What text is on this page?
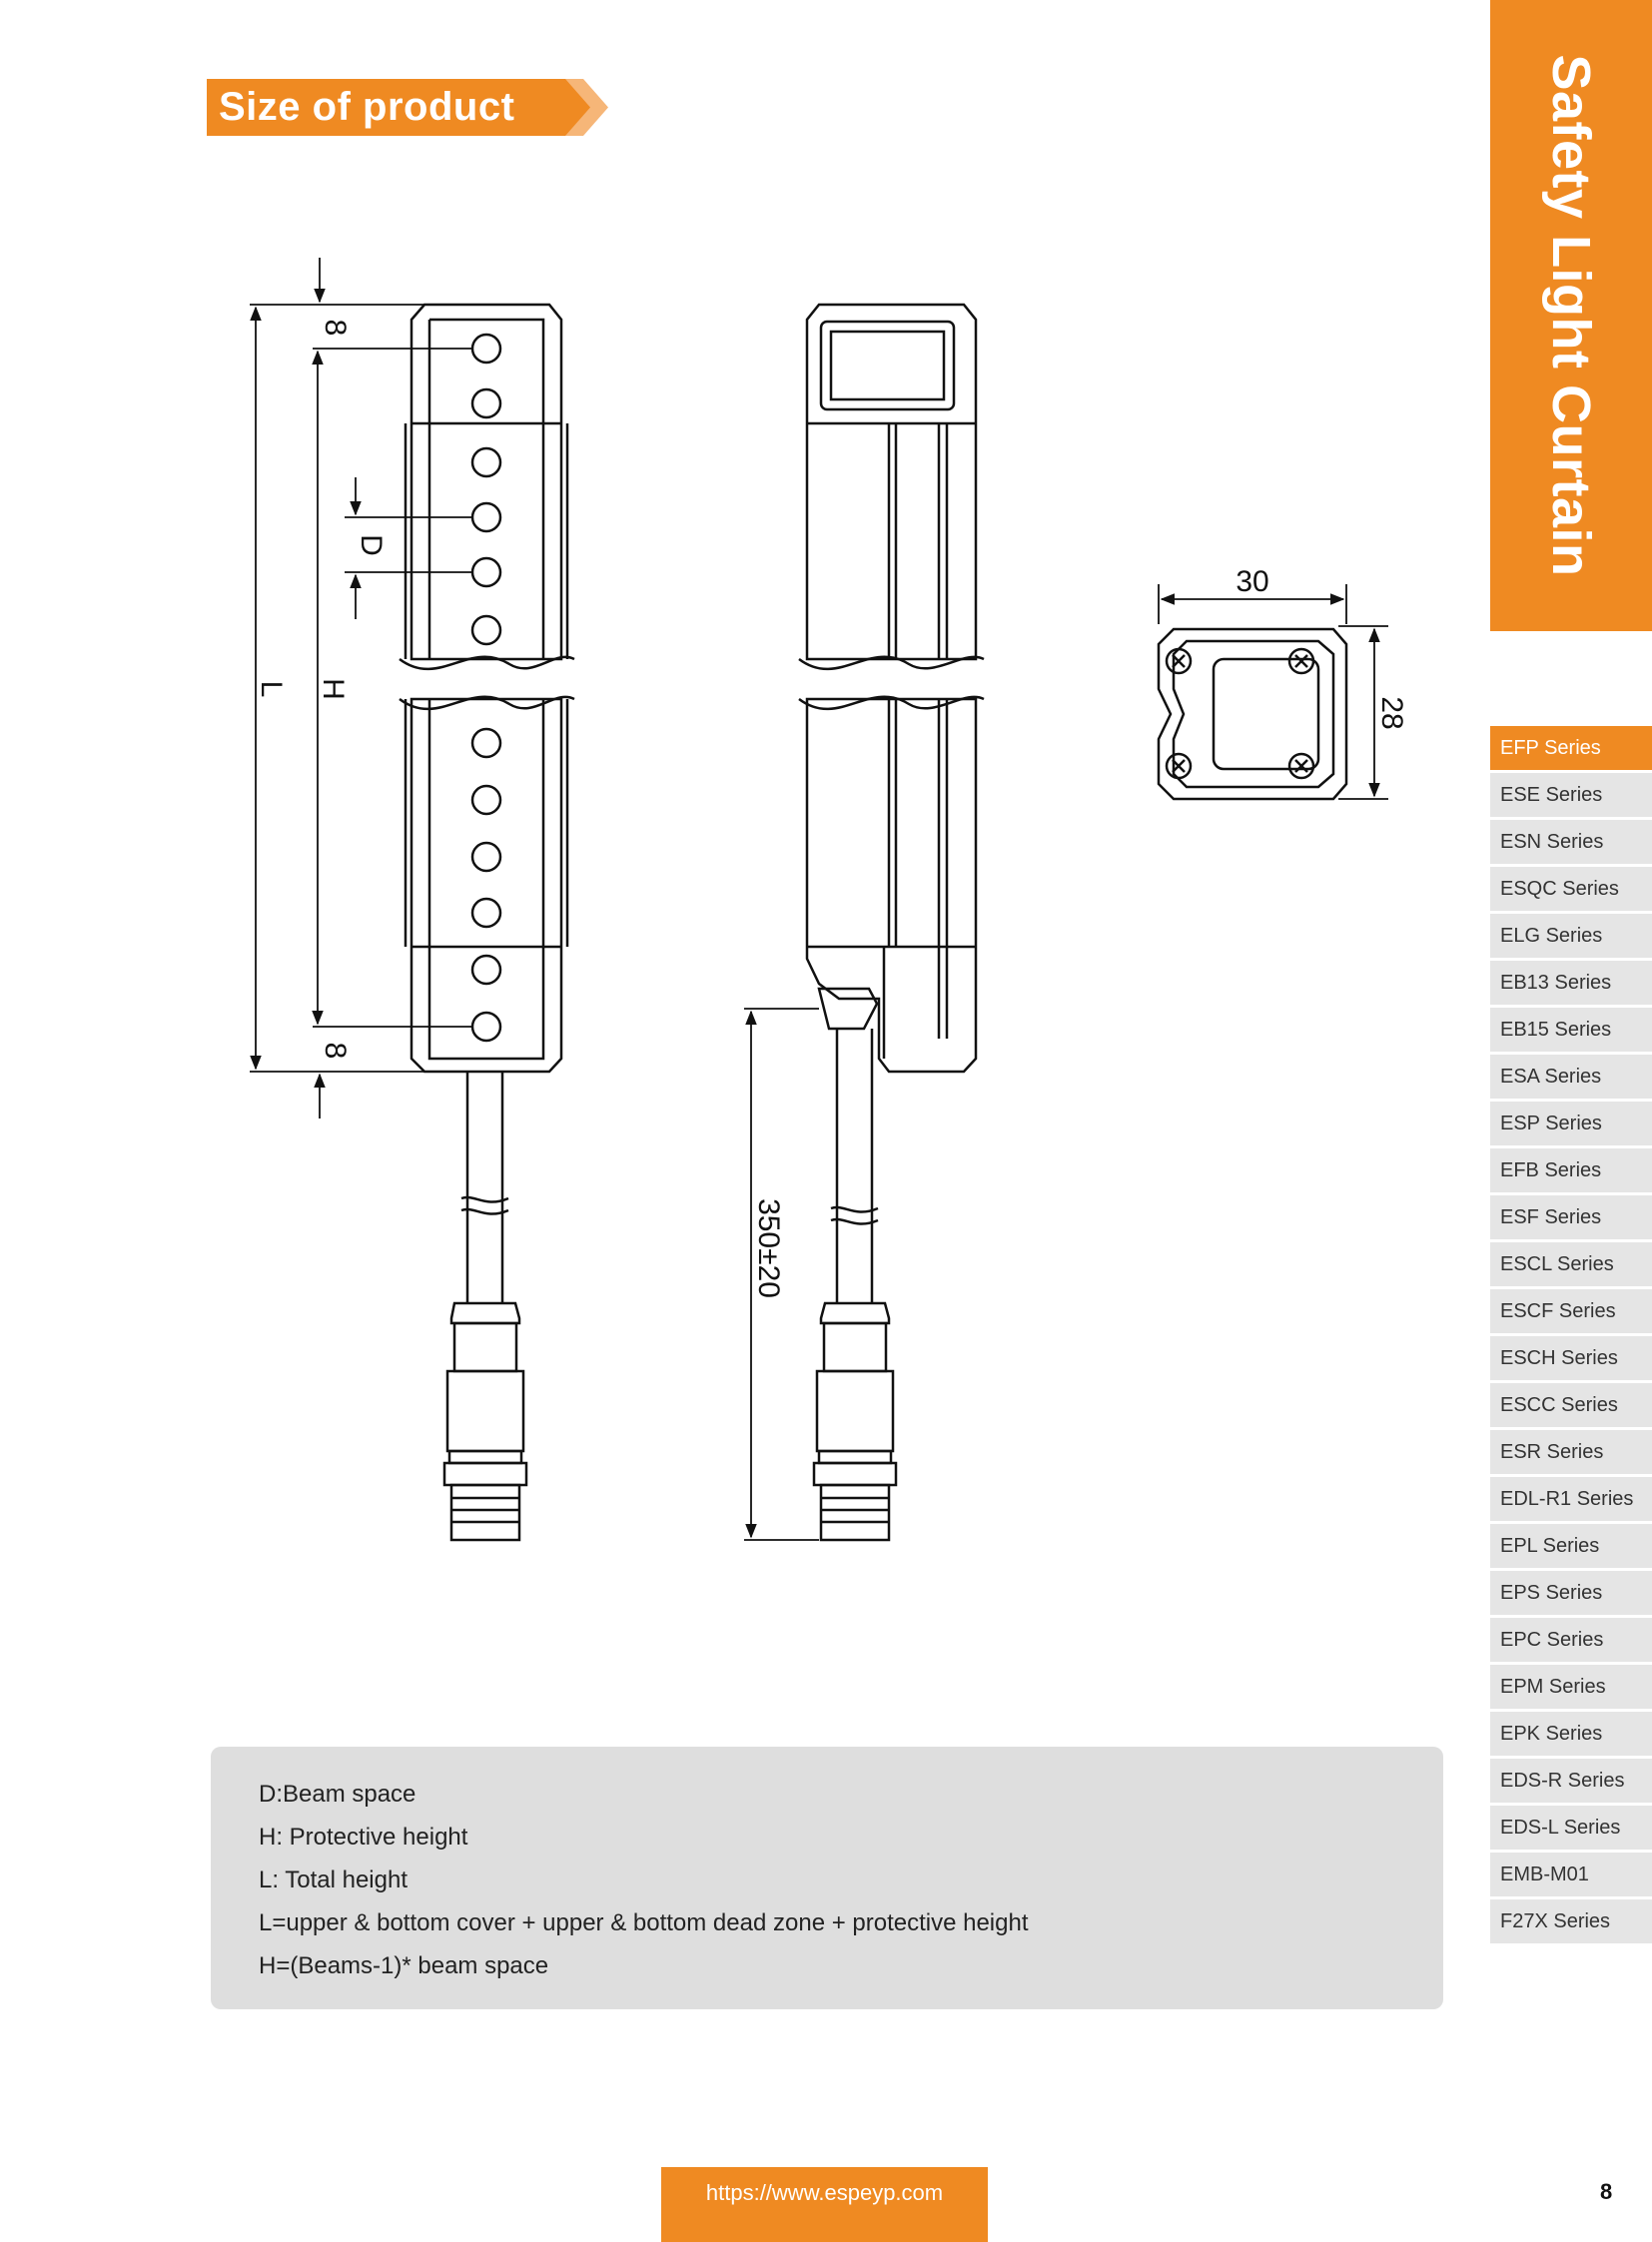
Size of product	Safety Light Curtain
EFP Series
ESE Series
ESN Series
ESQC Series
ELG Series
EB13 Series
EB15 Series
ESA Series
ESP Series
EFB Series
ESF Series
ESCL Series
ESCF Series
ESCH Series
ESCC Series
ESR Series
EDL-R1 Series
EPL Series
EPS Series
EPC Series
EPM Series
EPK Series
EDS-R Series
EDS-L Series
EMB-M01
F27X Series
8
8
D
H
L
350±20
30
28
D:Beam space
H: Protective height
L: Total height
L=upper & bottom cover + upper & bottom dead zone + protective height
H=(Beams-1)* beam space
https://www.espeyp.com	8
